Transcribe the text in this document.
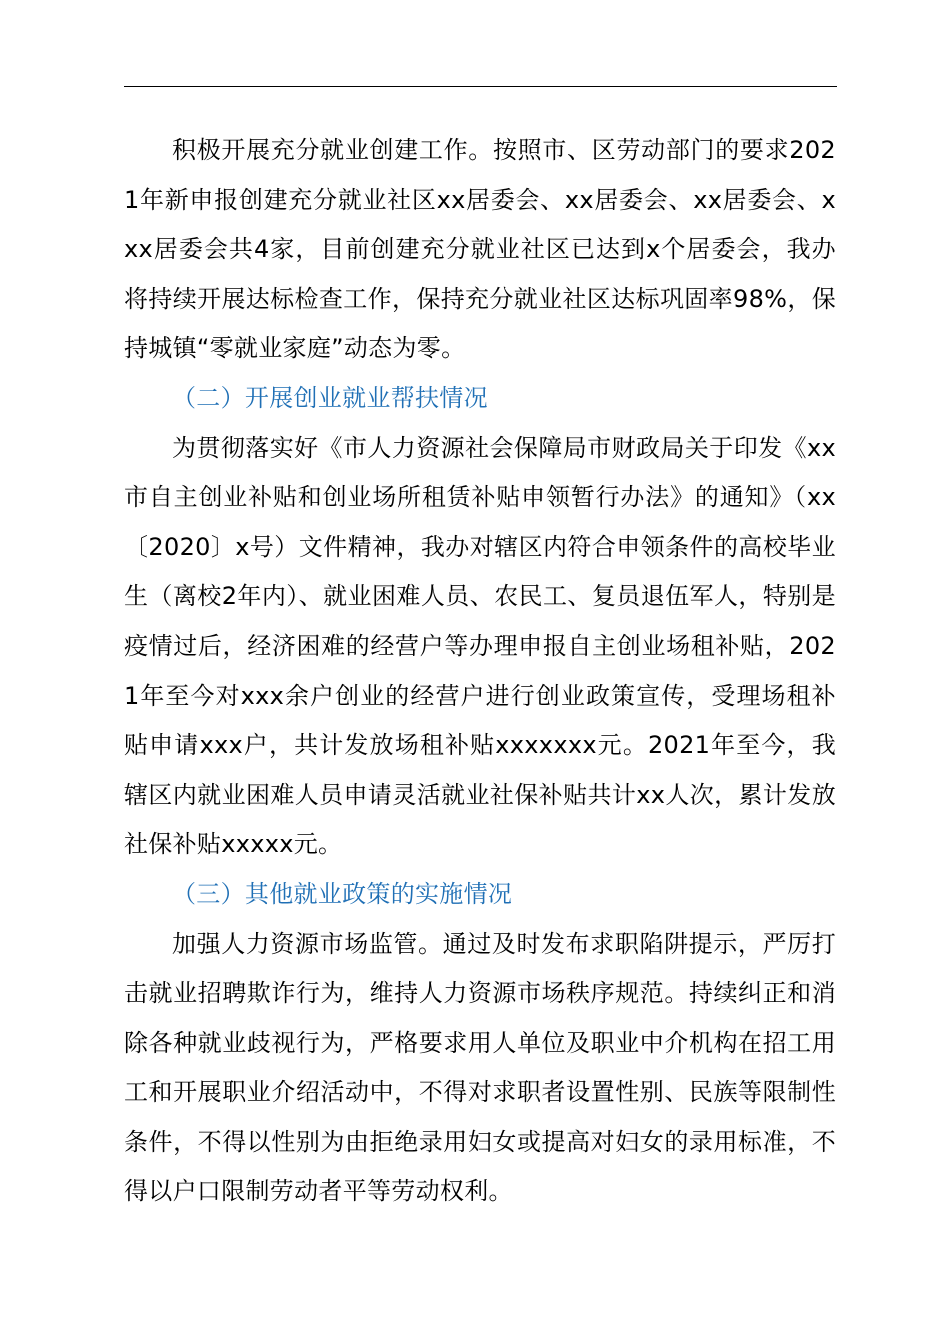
积极开展充分就业创建工作。按照市、区劳动部门的要求2021年新申报创建充分就业社区xx居委会、xx居委会、xx居委会、xxx居委会共4家，目前创建充分就业社区已达到x个居委会，我办将持续开展达标检查工作，保持充分就业社区达标巩固率98%，保持城镇“零就业家庭”动态为零。

（二）开展创业就业帮扶情况

为贯彻落实好《市人力资源社会保障局市财政局关于印发《xx市自主创业补贴和创业场所租赁补贴申领暂行办法》的通知》（xx〔2020〕x号）文件精神，我办对辖区内符合申领条件的高校毕业生（离校2年内）、就业困难人员、农民工、复员退伍军人，特别是疫情过后，经济困难的经营户等办理申报自主创业场租补贴，2021年至今对xxx余户创业的经营户进行创业政策宣传，受理场租补贴申请xxx户，共计发放场租补贴xxxxxxx元。2021年至今，我辖区内就业困难人员申请灵活就业社保补贴共计xx人次，累计发放社保补贴xxxxx元。

（三）其他就业政策的实施情况

加强人力资源市场监管。通过及时发布求职陷阱提示，严厉打击就业招聘欺诈行为，维持人力资源市场秩序规范。持续纠正和消除各种就业歧视行为，严格要求用人单位及职业中介机构在招工用工和开展职业介绍活动中，不得对求职者设置性别、民族等限制性条件，不得以性别为由拒绝录用妇女或提高对妇女的录用标准，不得以户口限制劳动者平等劳动权利。
